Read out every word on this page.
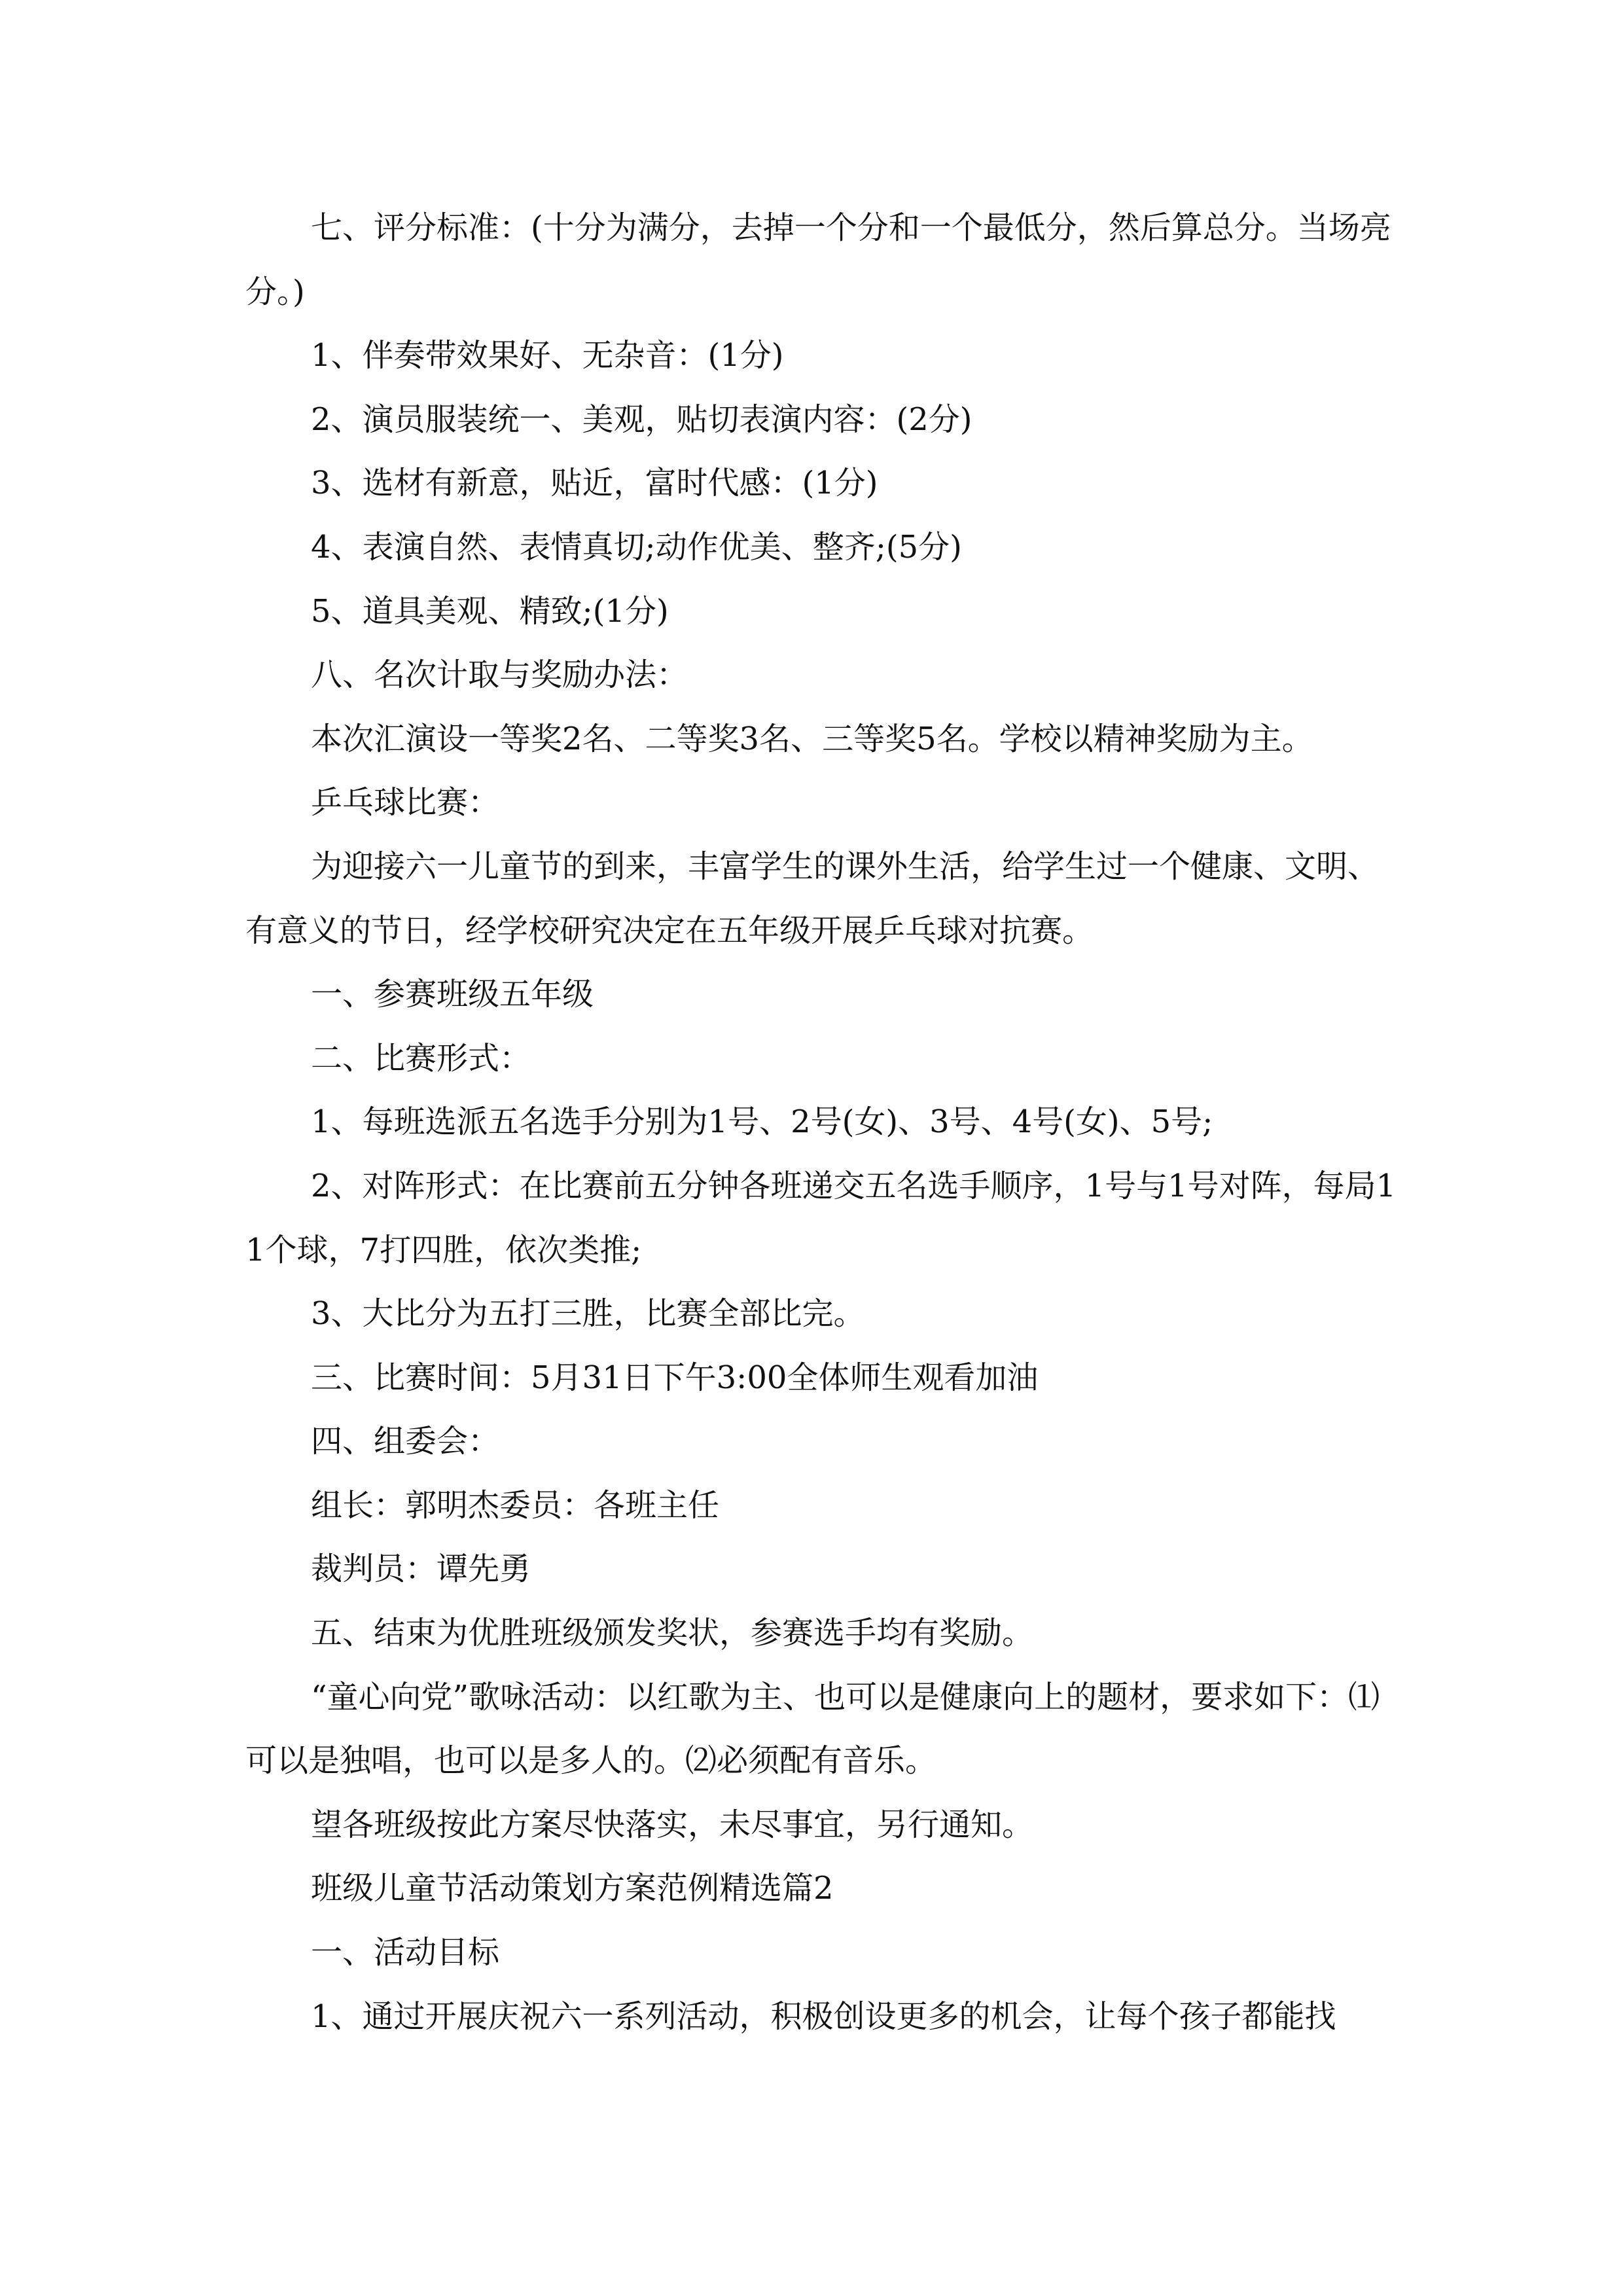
七、评分标准：(十分为满分，去掉一个分和一个最低分，然后算总分。当场亮分。)

1、伴奏带效果好、无杂音：(1分)

2、演员服装统一、美观，贴切表演内容：(2分)

3、选材有新意，贴近，富时代感：(1分)

4、表演自然、表情真切;动作优美、整齐;(5分)

5、道具美观、精致;(1分)

八、名次计取与奖励办法：

本次汇演设一等奖2名、二等奖3名、三等奖5名。学校以精神奖励为主。

乒乓球比赛：

为迎接六一儿童节的到来，丰富学生的课外生活，给学生过一个健康、文明、有意义的节日，经学校研究决定在五年级开展乒乓球对抗赛。

一、参赛班级五年级

二、比赛形式：

1、每班选派五名选手分别为1号、2号(女)、3号、4号(女)、5号;

2、对阵形式：在比赛前五分钟各班递交五名选手顺序，1号与1号对阵，每局11个球，7打四胜，依次类推;

3、大比分为五打三胜，比赛全部比完。

三、比赛时间：5月31日下午3:00全体师生观看加油

四、组委会：

组长：郭明杰委员：各班主任

裁判员：谭先勇

五、结束为优胜班级颁发奖状，参赛选手均有奖励。

“童心向党”歌咏活动：以红歌为主、也可以是健康向上的题材，要求如下：⑴可以是独唱，也可以是多人的。⑵必须配有音乐。

望各班级按此方案尽快落实，未尽事宜，另行通知。

班级儿童节活动策划方案范例精选篇2

一、活动目标

1、通过开展庆祝六一系列活动，积极创设更多的机会，让每个孩子都能找
